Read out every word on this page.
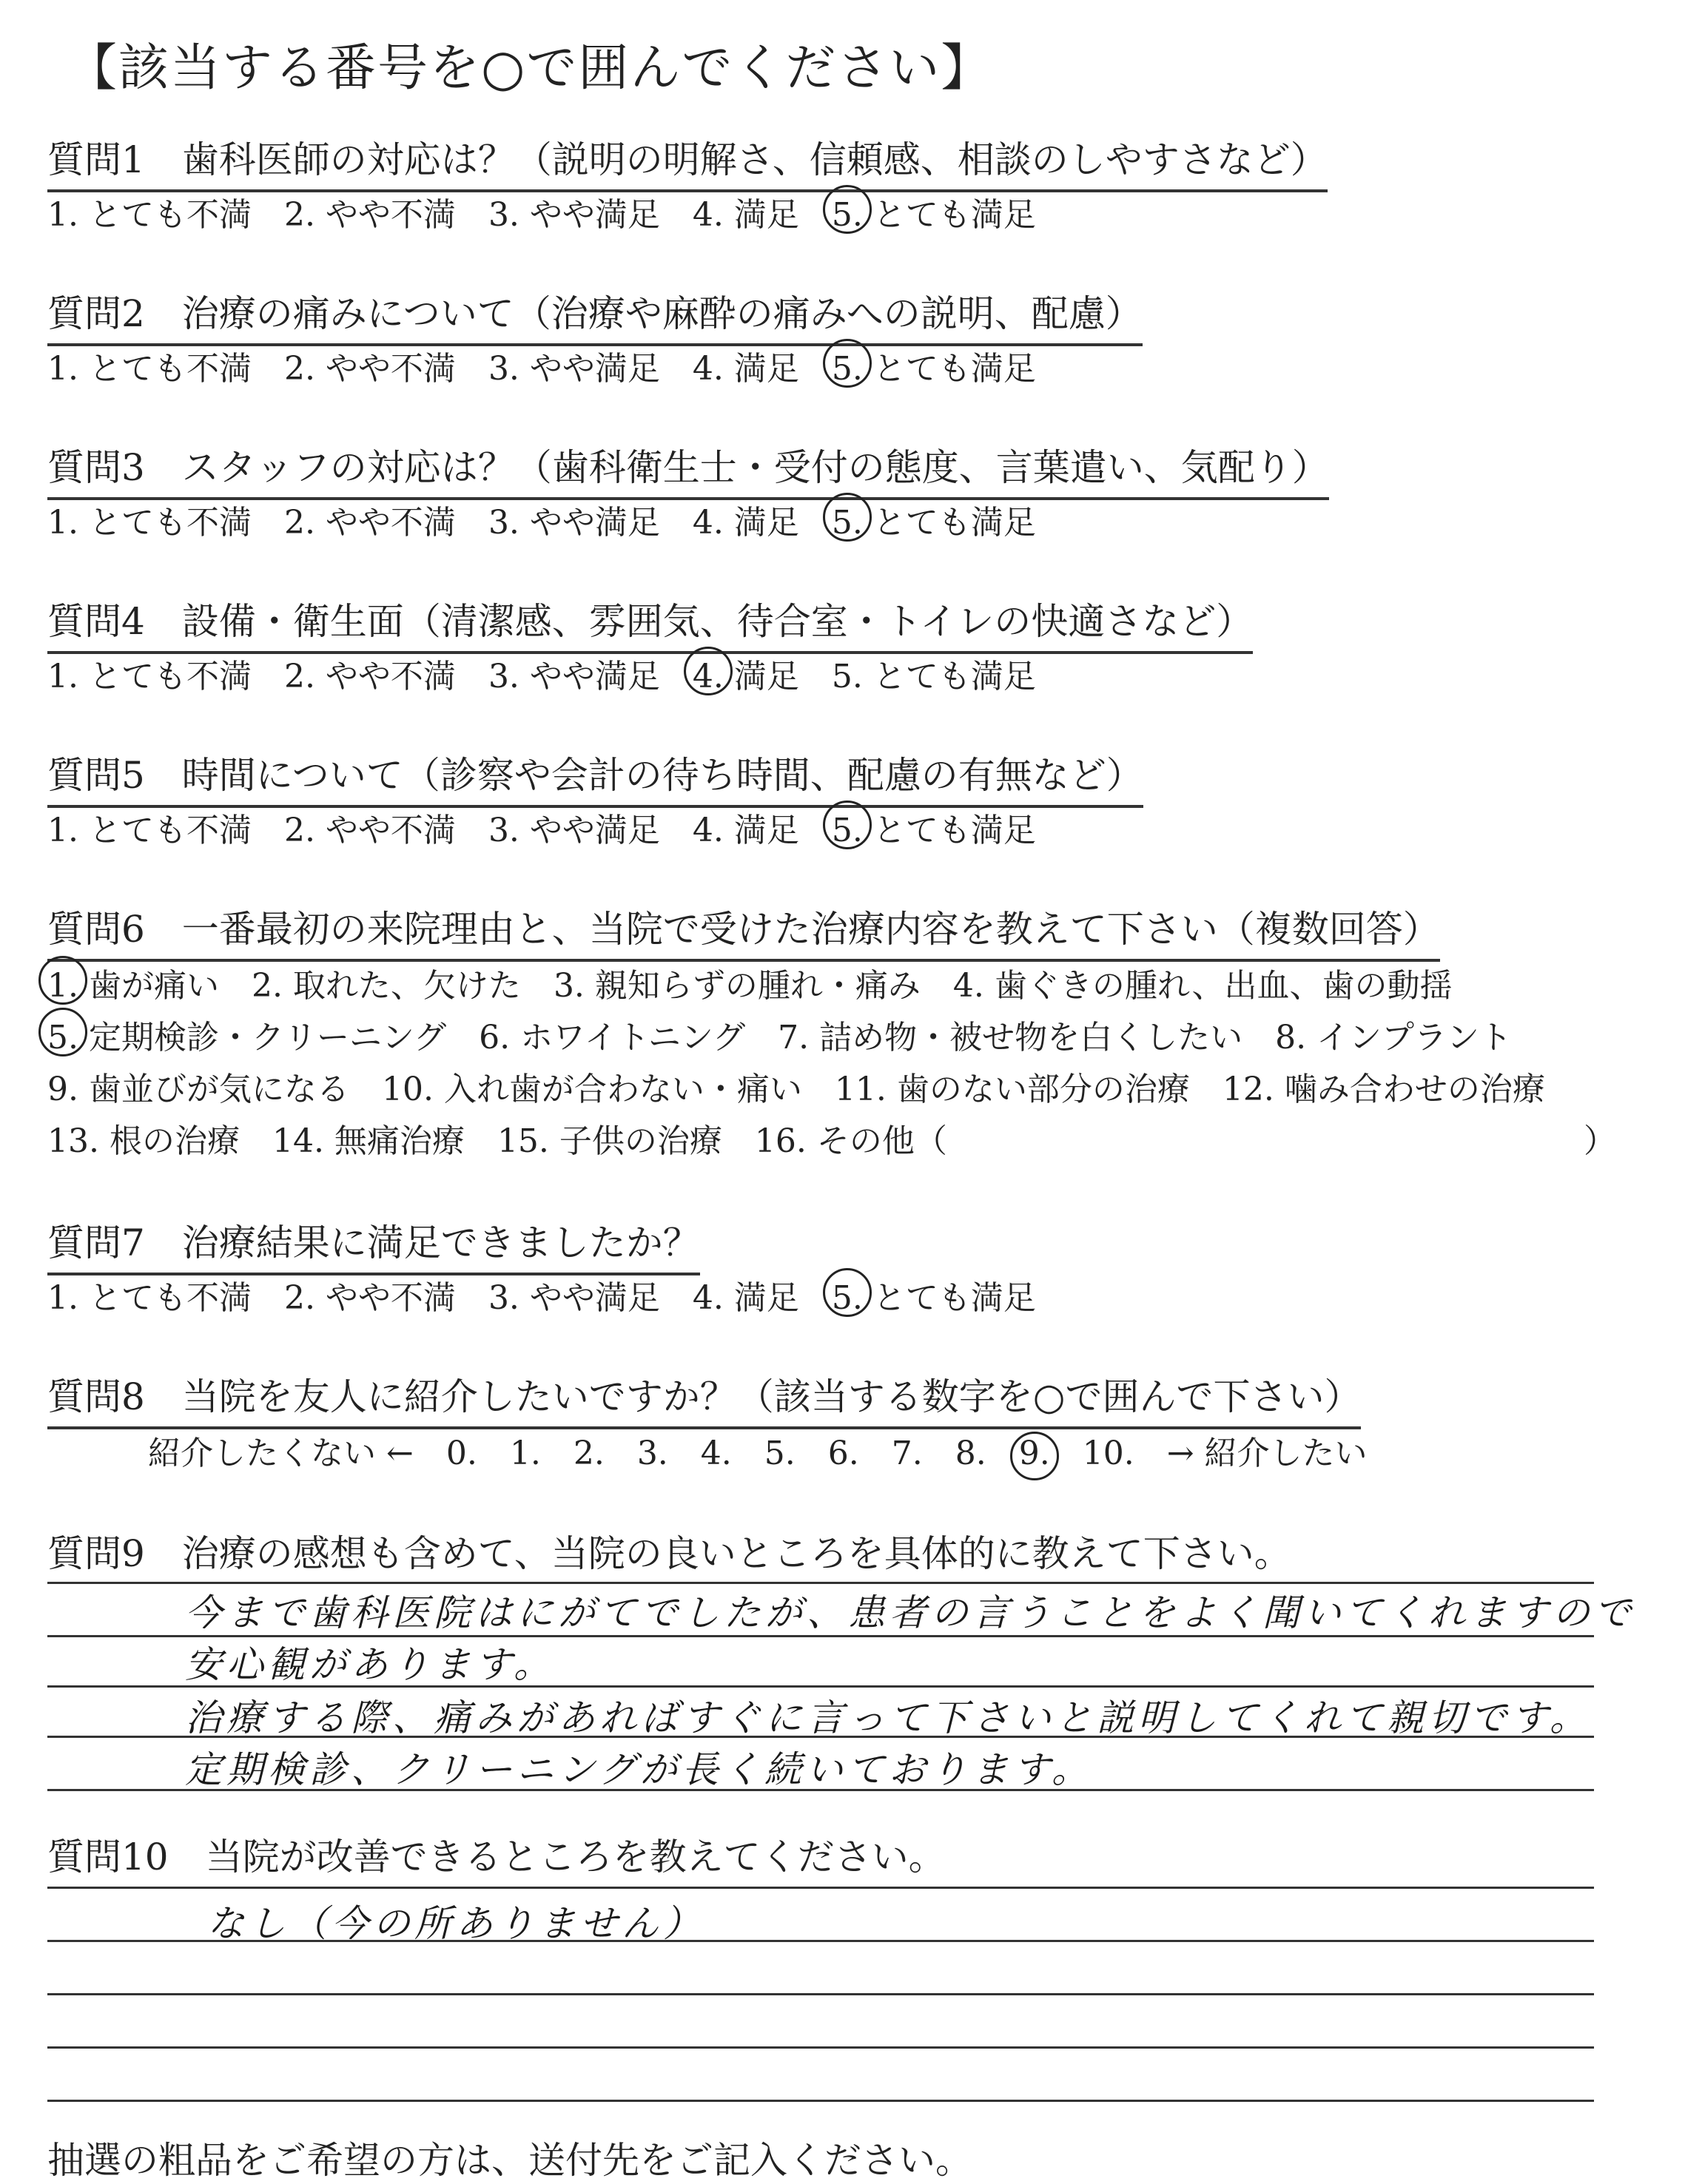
【該当する番号を○で囲んでください】
質問1　歯科医師の対応は？（説明の明解さ、信頼感、相談のしやすさなど）
1. とても不満 2. やや不満 3. やや満足 4. 満足 5. とても満足
質問2　治療の痛みについて（治療や麻酔の痛みへの説明、配慮）
1. とても不満 2. やや不満 3. やや満足 4. 満足 5. とても満足
質問3　スタッフの対応は？（歯科衛生士・受付の態度、言葉遣い、気配り）
1. とても不満 2. やや不満 3. やや満足 4. 満足 5. とても満足
質問4　設備・衛生面（清潔感、雰囲気、待合室・トイレの快適さなど）
1. とても不満 2. やや不満 3. やや満足 4. 満足 5. とても満足
質問5　時間について（診察や会計の待ち時間、配慮の有無など）
1. とても不満 2. やや不満 3. やや満足 4. 満足 5. とても満足
質問6　一番最初の来院理由と、当院で受けた治療内容を教えて下さい（複数回答）
1. 歯が痛い 2. 取れた、欠けた 3. 親知らずの腫れ・痛み 4. 歯ぐきの腫れ、出血、歯の動揺
5. 定期検診・クリーニング 6. ホワイトニング 7. 詰め物・被せ物を白くしたい 8. インプラント
9. 歯並びが気になる 10. 入れ歯が合わない・痛い 11. 歯のない部分の治療 12. 噛み合わせの治療
13. 根の治療 14. 無痛治療 15. 子供の治療 16. その他（	）
質問7　治療結果に満足できましたか？
1. とても不満 2. やや不満 3. やや満足 4. 満足 5. とても満足
質問8　当院を友人に紹介したいですか？（該当する数字を○で囲んで下さい）
紹介したくない ← 0. 1. 2. 3. 4. 5. 6. 7. 8. 9. 10. → 紹介したい
質問9　治療の感想も含めて、当院の良いところを具体的に教えて下さい。
今まで歯科医院はにがてでしたが、患者の言うことをよく聞いてくれますので
安心観があります。
治療する際、痛みがあればすぐに言って下さいと説明してくれて親切です。
定期検診、クリーニングが長く続いております。
質問10　当院が改善できるところを教えてください。
なし（今の所ありません）
抽選の粗品をご希望の方は、送付先をご記入ください。
